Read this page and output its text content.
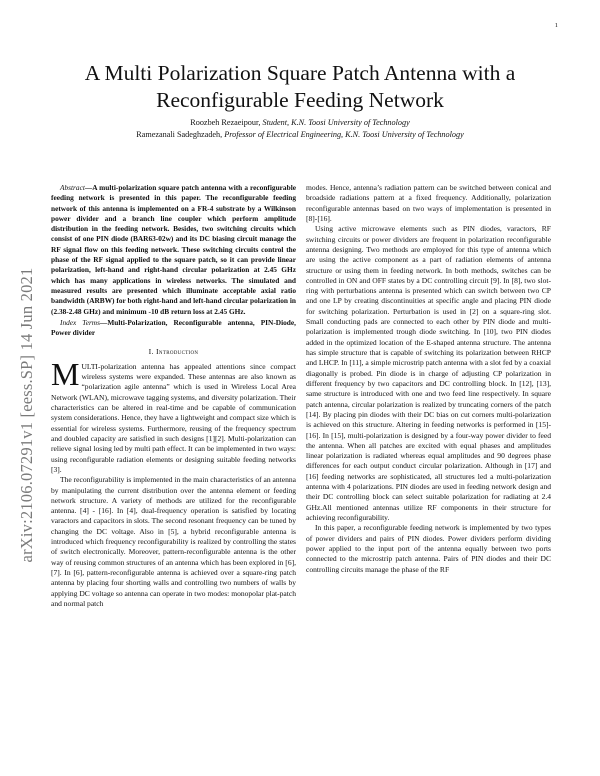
1
arXiv:2106.07291v1 [eess.SP] 14 Jun 2021
A Multi Polarization Square Patch Antenna with a Reconfigurable Feeding Network
Roozbeh Rezaeipour, Student, K.N. Toosi University of Technology
Ramezanali Sadeghzadeh, Professor of Electrical Engineering, K.N. Toosi University of Technology

Abstract—A multi-polarization square patch antenna with a reconfigurable feeding network is presented in this paper. The reconfigurable feeding network of this antenna is implemented on a FR-4 substrate by a Wilkinson power divider and a branch line coupler which perform amplitude distribution in the feeding network. Besides, two switching circuits which consist of one PIN diode (BAR63-02w) and its DC biasing circuit manage the RF signal flow on this feeding network. These switching circuits control the phase of the RF signal applied to the square patch, so it can provide linear polarization, left-hand and right-hand circular polarization at 2.45 GHz which has many applications in wireless networks. The simulated and measured results are presented which illuminate acceptable axial ratio bandwidth (ARBW) for both right-hand and left-hand circular polarization in (2.38-2.48 GHz) and minimum -10 dB return loss at 2.45 GHz.

Index Terms—Multi-Polarization, Reconfigurable antenna, PIN-Diode, Power divider

I. Introduction

MULTI-polarization antenna has appealed attentions since compact wireless systems were expanded. These antennas are also known as “polarization agile antenna” which is used in Wireless Local Area Network (WLAN), microwave tagging systems, and diversity polarization. Their characteristics can be altered in real-time and be capable of communication system considerations. Hence, they have a lightweight and compact size which is essential for wireless systems. Furthermore, reusing of the frequency spectrum and doubled capacity are satisfied in such designs [1][2]. Multi-polarization can relieve signal losing led by multi path effect. It can be implemented in two ways: using reconfigurable radiation elements or designing suitable feeding networks [3].

The reconfigurability is implemented in the main characteristics of an antenna by manipulating the current distribution over the antenna element or feeding network structure. A variety of methods are utilized for the reconfigurable antenna. [4] - [16]. In [4], dual-frequency operation is satisfied by locating varactors and capacitors in slots. The second resonant frequency can be tuned by changing the DC voltage. Also in [5], a hybrid reconfigurable antenna is introduced which frequency reconfigurability is realized by controlling the states of switch electronically. Moreover, pattern-reconfigurable antenna is the other way of reusing common structures of an antenna which has been explored in [6], [7]. In [6], pattern-reconfigurable antenna is achieved over a square-ring patch antenna by placing four shorting walls and controlling two numbers of walls by applying DC voltage so antenna can operate in two modes: monopolar plat-patch and normal patch

modes. Hence, antenna’s radiation pattern can be switched between conical and broadside radiations pattern at a fixed frequency. Additionally, polarization reconfigurable antennas based on two ways of implementation is presented in [8]-[16].

Using active microwave elements such as PIN diodes, varactors, RF switching circuits or power dividers are frequent in polarization reconfigurable antenna designing. Two methods are employed for this type of antenna which are using the active component as a part of radiation elements of antenna structure or using them in feeding network. In both methods, switches can be controlled in ON and OFF states by a DC controlling circuit [9]. In [8], two slot-ring with perturbations antenna is presented which can switch between two CP and one LP by creating discontinuities at specific angle and placing PIN diode for switching polarization. Perturbation is used in [2] on a square-ring slot. Small conducting pads are connected to each other by PIN diode and multi-polarization is implemented trough diode switching. In [10], two PIN diodes added in the optimized location of the E-shaped antenna structure. The antenna has simple structure that is capable of switching its polarization between RHCP and LHCP. In [11], a simple microstrip patch antenna with a slot fed by a coaxial diagonally is probed. Pin diode is in charge of adjusting CP polarization in different frequency by two capacitors and DC controlling block. In [12], [13], same structure is introduced with one and two feed line respectively. In square patch antenna, circular polarization is realized by truncating corners of the patch [14]. By placing pin diodes with their DC bias on cut corners multi-polarization is achieved on this structure. Altering in feeding networks is performed in [15]-[16]. In [15], multi-polarization is designed by a four-way power divider to feed the antenna. When all patches are excited with equal phases and amplitudes linear polarization is radiated whereas equal amplitudes and 90 degrees phase differences for each output conduct circular polarization. Although in [17] and [16] feeding networks are sophisticated, all structures led a multi-polarization antenna with 4 polarizations. PIN diodes are used in feeding network design and their DC controlling block can select suitable polarization for radiating at 2.4 GHz.All mentioned antennas utilize RF components in their structure for achieving reconfigurability.

In this paper, a reconfigurable feeding network is implemented by two types of power dividers and pairs of PIN diodes. Power dividers perform dividing power applied to the input port of the antenna equally between two ports connected to the microstrip patch antenna. Pairs of PIN diodes and their DC controlling circuits manage the phase of the RF
